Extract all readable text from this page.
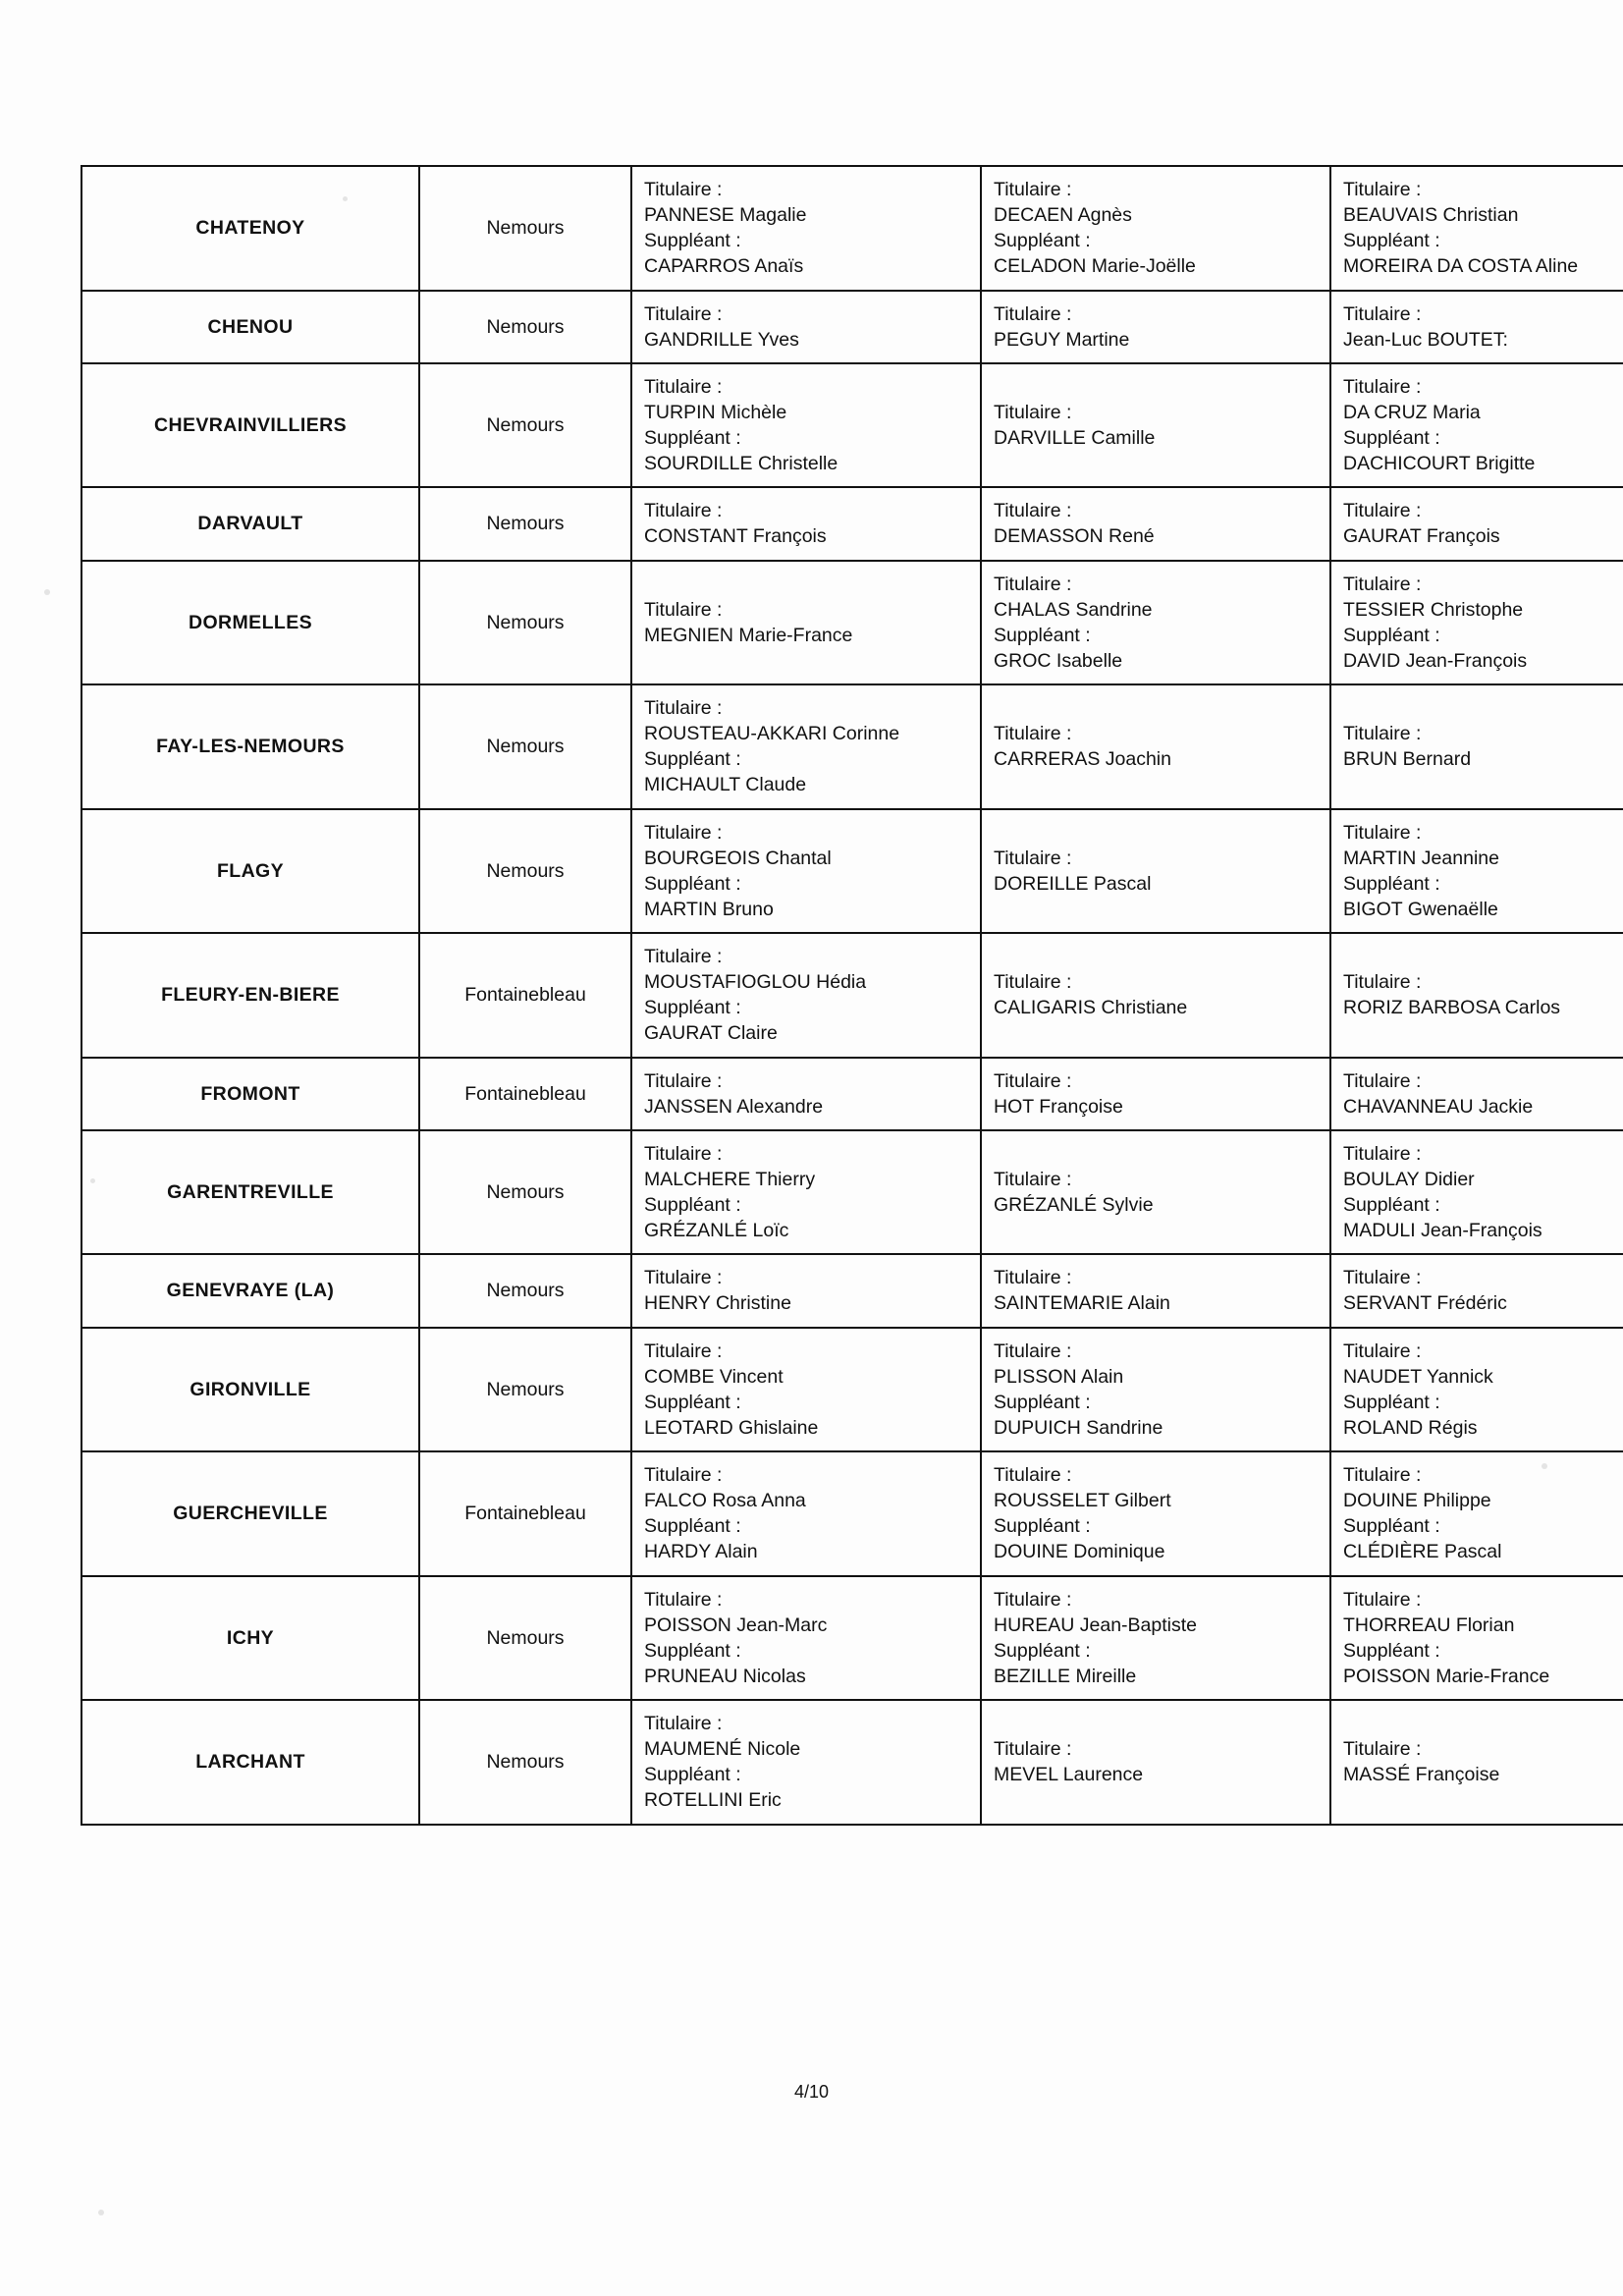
CHATENOY	Nemours	Titulaire :
PANNESE Magalie
Suppléant :
CAPARROS Anaïs	Titulaire :
DECAEN Agnès
Suppléant :
CELADON Marie-Joëlle	Titulaire :
BEAUVAIS Christian
Suppléant :
MOREIRA DA COSTA Aline

CHENOU	Nemours	Titulaire :
GANDRILLE Yves	Titulaire :
PEGUY Martine	Titulaire :
Jean-Luc BOUTET:

CHEVRAINVILLIERS	Nemours	Titulaire :
TURPIN Michèle
Suppléant :
SOURDILLE Christelle	Titulaire :
DARVILLE Camille	Titulaire :
DA CRUZ Maria
Suppléant :
DACHICOURT Brigitte

DARVAULT	Nemours	Titulaire :
CONSTANT François	Titulaire :
DEMASSON René	Titulaire :
GAURAT François

DORMELLES	Nemours	Titulaire :
MEGNIEN Marie-France	Titulaire :
CHALAS Sandrine
Suppléant :
GROC Isabelle	Titulaire :
TESSIER Christophe
Suppléant :
DAVID Jean-François

FAY-LES-NEMOURS	Nemours	Titulaire :
ROUSTEAU-AKKARI Corinne
Suppléant :
MICHAULT Claude	Titulaire :
CARRERAS Joachin	Titulaire :
BRUN Bernard

FLAGY	Nemours	Titulaire :
BOURGEOIS Chantal
Suppléant :
MARTIN Bruno	Titulaire :
DOREILLE Pascal	Titulaire :
MARTIN Jeannine
Suppléant :
BIGOT Gwenaëlle

FLEURY-EN-BIERE	Fontainebleau	Titulaire :
MOUSTAFIOGLOU Hédia
Suppléant :
GAURAT Claire	Titulaire :
CALIGARIS Christiane	Titulaire :
RORIZ BARBOSA Carlos

FROMONT	Fontainebleau	Titulaire :
JANSSEN Alexandre	Titulaire :
HOT Françoise	Titulaire :
CHAVANNEAU Jackie

GARENTREVILLE	Nemours	Titulaire :
MALCHERE Thierry
Suppléant :
GRÉZANLÉ Loïc	Titulaire :
GRÉZANLÉ Sylvie	Titulaire :
BOULAY Didier
Suppléant :
MADULI Jean-François

GENEVRAYE (LA)	Nemours	Titulaire :
HENRY Christine	Titulaire :
SAINTEMARIE Alain	Titulaire :
SERVANT Frédéric

GIRONVILLE	Nemours	Titulaire :
COMBE Vincent
Suppléant :
LEOTARD Ghislaine	Titulaire :
PLISSON Alain
Suppléant :
DUPUICH Sandrine	Titulaire :
NAUDET Yannick
Suppléant :
ROLAND Régis

GUERCHEVILLE	Fontainebleau	Titulaire :
FALCO Rosa Anna
Suppléant :
HARDY Alain	Titulaire :
ROUSSELET Gilbert
Suppléant :
DOUINE Dominique	Titulaire :
DOUINE Philippe
Suppléant :
CLÉDIÈRE Pascal

ICHY	Nemours	Titulaire :
POISSON Jean-Marc
Suppléant :
PRUNEAU Nicolas	Titulaire :
HUREAU Jean-Baptiste
Suppléant :
BEZILLE Mireille	Titulaire :
THORREAU Florian
Suppléant :
POISSON Marie-France

LARCHANT	Nemours	Titulaire :
MAUMENÉ Nicole
Suppléant :
ROTELLINI Eric	Titulaire :
MEVEL Laurence	Titulaire :
MASSÉ Françoise
4/10
